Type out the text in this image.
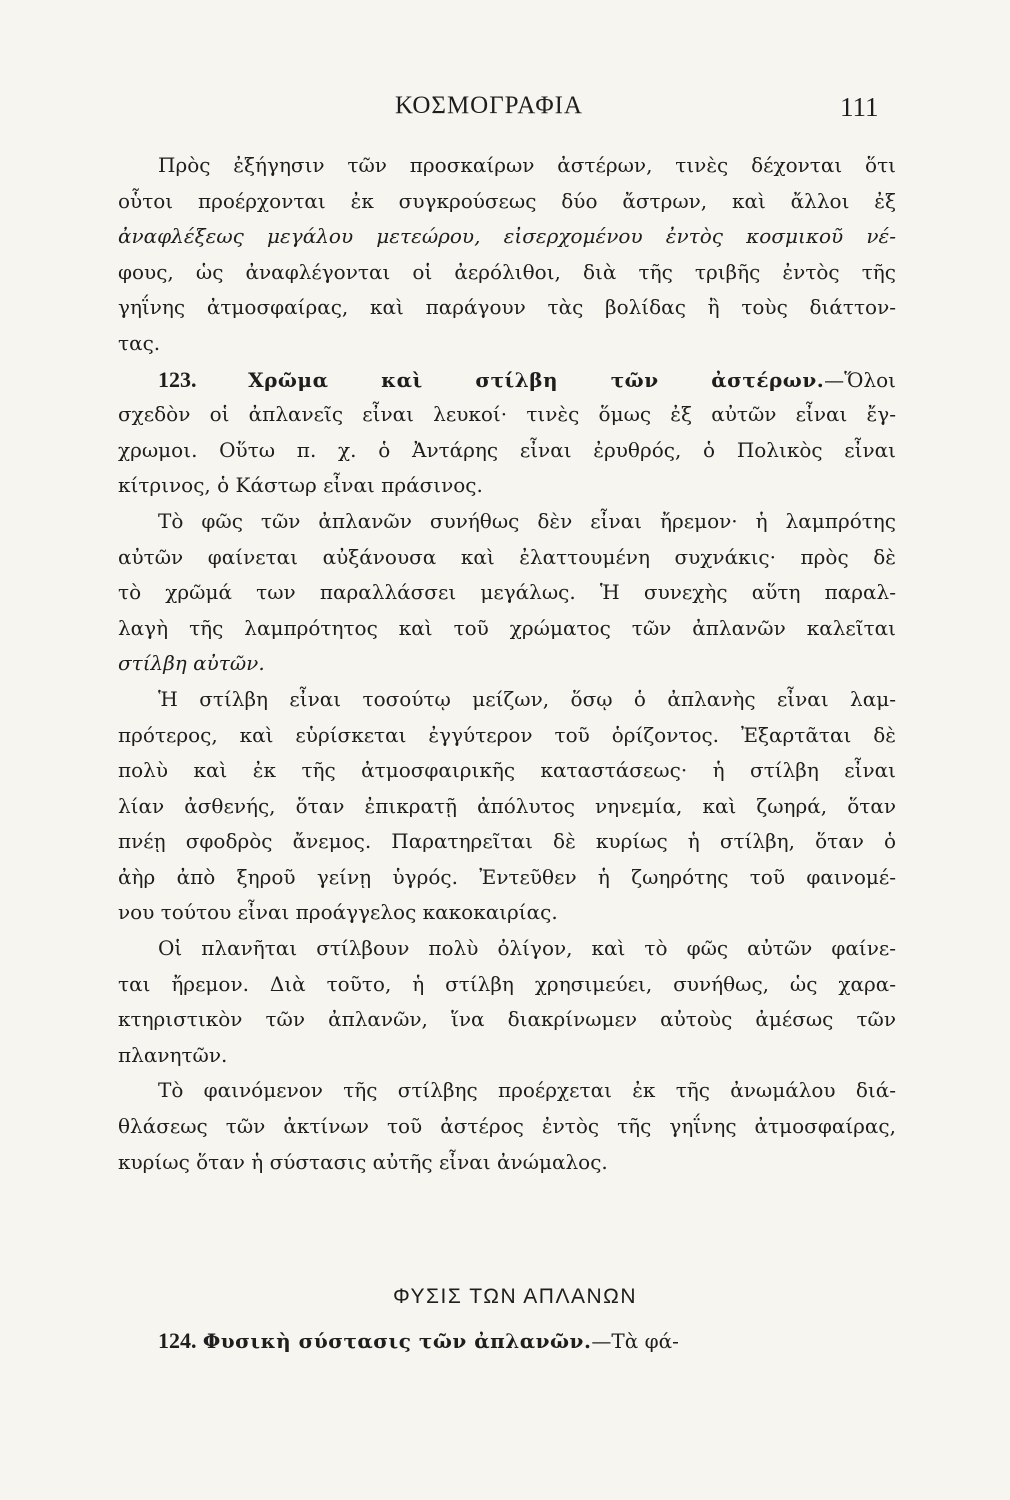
ΚΟΣΜΟΓΡΑΦΙΑ	111
Πρὸς ἐξήγησιν τῶν προσκαίρων ἀστέρων, τινὲς δέχονται ὅτι
οὗτοι προέρχονται ἐκ συγκρούσεως δύο ἄστρων, καὶ ἄλλοι ἐξ
ἀναφλέξεως μεγάλου μετεώρου, εἰσερχομένου ἐντὸς κοσμικοῦ νέ-
φους, ὡς ἀναφλέγονται οἱ ἀερόλιθοι, διὰ τῆς τριβῆς ἐντὸς τῆς
γηΐνης ἀτμοσφαίρας, καὶ παράγουν τὰς βολίδας ἢ τοὺς διάττον-
τας.
123.	Χρῶμα καὶ στίλβη τῶν ἀστέρων.—Ὅλοι
σχεδὸν οἱ ἀπλανεῖς εἶναι λευκοί· τινὲς ὅμως ἐξ αὐτῶν εἶναι ἔγ-
χρωμοι. Οὕτω π. χ. ὁ Ἀντάρης εἶναι ἐρυθρός, ὁ Πολικὸς εἶναι
κίτρινος, ὁ Κάστωρ εἶναι πράσινος.
Τὸ φῶς τῶν ἀπλανῶν συνήθως δὲν εἶναι ἤρεμον· ἡ λαμπρότης
αὐτῶν φαίνεται αὐξάνουσα καὶ ἐλαττουμένη συχνάκις· πρὸς δὲ
τὸ χρῶμά των παραλλάσσει μεγάλως. Ἡ συνεχὴς αὕτη παραλ-
λαγὴ τῆς λαμπρότητος καὶ τοῦ χρώματος τῶν ἀπλανῶν καλεῖται
στίλβη αὐτῶν.
Ἡ στίλβη εἶναι τοσούτῳ μείζων, ὅσῳ ὁ ἀπλανὴς εἶναι λαμ-
πρότερος, καὶ εὑρίσκεται ἐγγύτερον τοῦ ὁρίζοντος. Ἐξαρτᾶται δὲ
πολὺ καὶ ἐκ τῆς ἀτμοσφαιρικῆς καταστάσεως· ἡ στίλβη εἶναι
λίαν ἀσθενής, ὅταν ἐπικρατῇ ἀπόλυτος νηνεμία, καὶ ζωηρά, ὅταν
πνέῃ σφοδρὸς ἄνεμος. Παρατηρεῖται δὲ κυρίως ἡ στίλβη, ὅταν ὁ
ἀὴρ ἀπὸ ξηροῦ γείνῃ ὑγρός. Ἐντεῦθεν ἡ ζωηρότης τοῦ φαινομέ-
νου τούτου εἶναι προάγγελος κακοκαιρίας.
Οἱ πλανῆται στίλβουν πολὺ ὀλίγον, καὶ τὸ φῶς αὐτῶν φαίνε-
ται ἤρεμον. Διὰ τοῦτο, ἡ στίλβη χρησιμεύει, συνήθως, ὡς χαρα-
κτηριστικὸν τῶν ἀπλανῶν, ἵνα διακρίνωμεν αὐτοὺς ἀμέσως τῶν
πλανητῶν.
Τὸ φαινόμενον τῆς στίλβης προέρχεται ἐκ τῆς ἀνωμάλου διά-
θλάσεως τῶν ἀκτίνων τοῦ ἀστέρος ἐντὸς τῆς γηΐνης ἀτμοσφαίρας,
κυρίως ὅταν ἡ σύστασις αὐτῆς εἶναι ἀνώμαλος.
ΦΥΣΙΣ ΤΩΝ ΑΠΛΑΝΩΝ
124. Φυσικὴ σύστασις τῶν ἀπλανῶν.—Τὰ φά-
